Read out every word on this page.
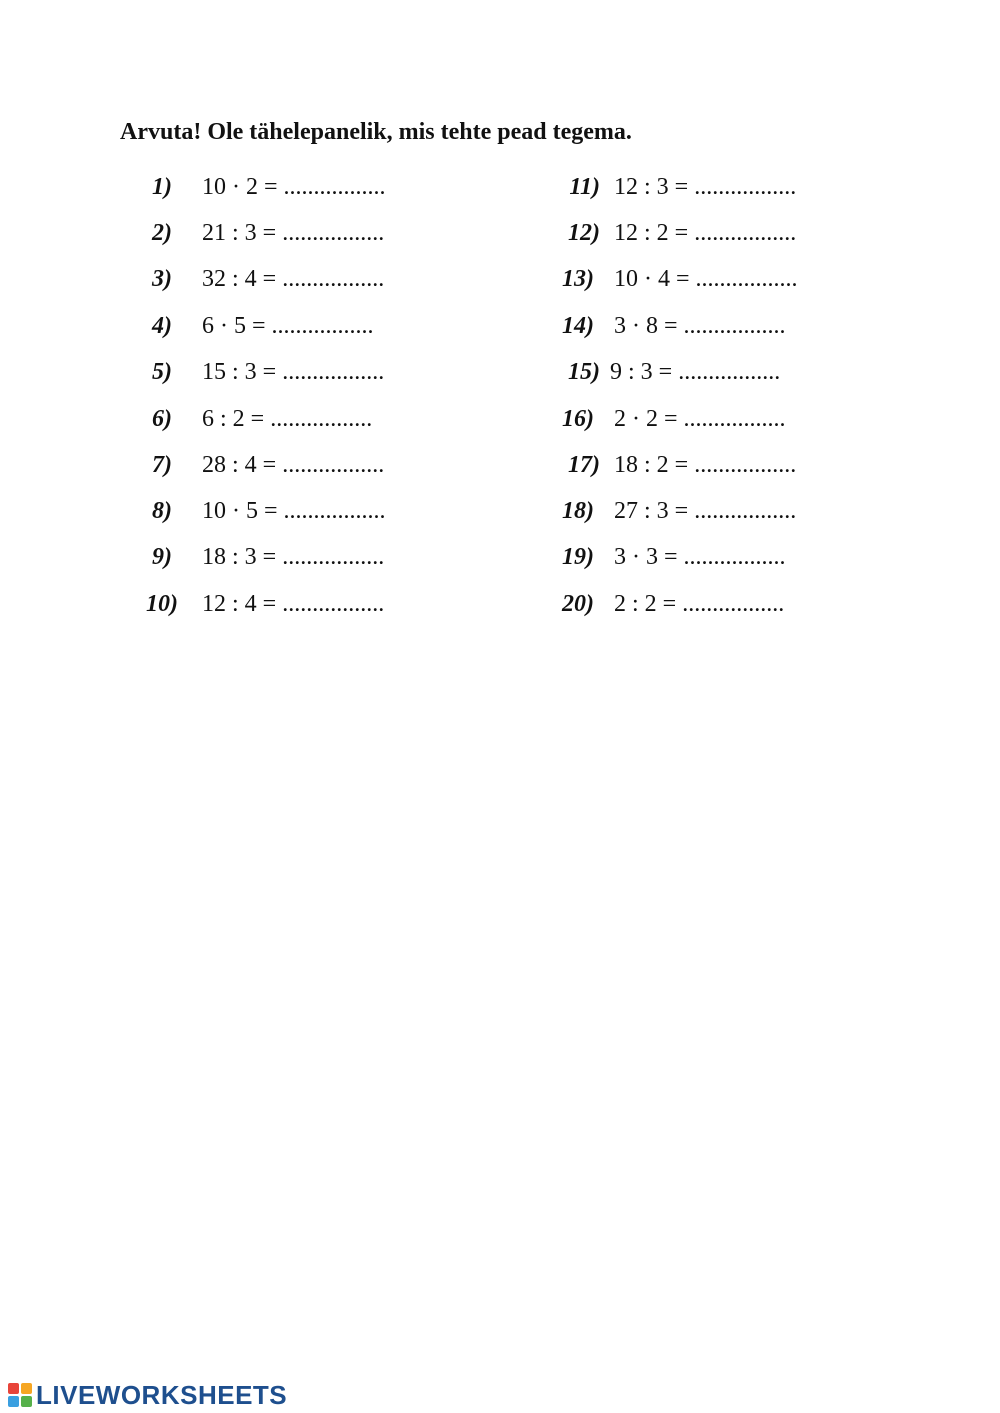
Arvuta! Ole tähelepanelik, mis tehte pead tegema.
1) 10 · 2 = .................
2) 21 : 3 = .................
3) 32 : 4 = .................
4) 6 · 5 = .................
5) 15 : 3 = .................
6) 6 : 2 = .................
7) 28 : 4 = .................
8) 10 · 5 = .................
9) 18 : 3 = .................
10) 12 : 4 = .................
11) 12 : 3 = .................
12) 12 : 2 = .................
13) 10 · 4 = .................
14) 3 · 8 = .................
15) 9 : 3 = .................
16) 2 · 2 = .................
17) 18 : 2 = .................
18) 27 : 3 = .................
19) 3 · 3 = .................
20) 2 : 2 = .................
LIVEWORKSHEETS
